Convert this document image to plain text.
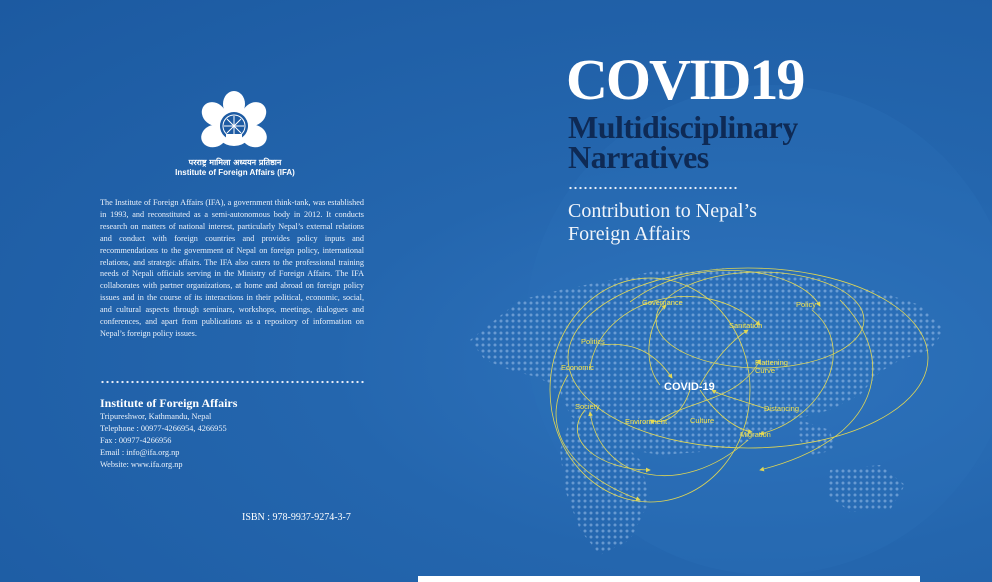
परराष्ट्र मामिला अध्ययन प्रतिष्ठान
Institute of Foreign Affairs (IFA)

The Institute of Foreign Affairs (IFA), a government think-tank, was established in 1993, and reconstituted as a semi-autonomous body in 2012. It conducts research on matters of national interest, particularly Nepal’s external relations and conduct with foreign countries and provides policy inputs and recommendations to the government of Nepal on foreign policy, international relations, and strategic affairs. The IFA also caters to the professional training needs of Nepali officials serving in the Ministry of Foreign Affairs. The IFA collaborates with partner organizations, at home and abroad on foreign policy issues and in the course of its interactions in their political, economic, social, and cultural aspects through seminars, workshops, meetings, dialogues and conferences, and apart from publications as a repository of information on Nepal’s foreign policy issues.

Institute of Foreign Affairs
Tripureshwor, Kathmandu, Nepal
Telephone : 00977-4266954, 4266955
Fax : 00977-4266956
Email : info@ifa.org.np
Website: www.ifa.org.np
ISBN : 978-9937-9274-3-7
COVID19
Multidisciplinary
Narratives
Contribution to Nepal’s
Foreign Affairs
COVID-19
Governance	Policy
Sanitation
Politics
Economic
Flattening Curve
Society
Environment	Culture
Distancing
Migration
